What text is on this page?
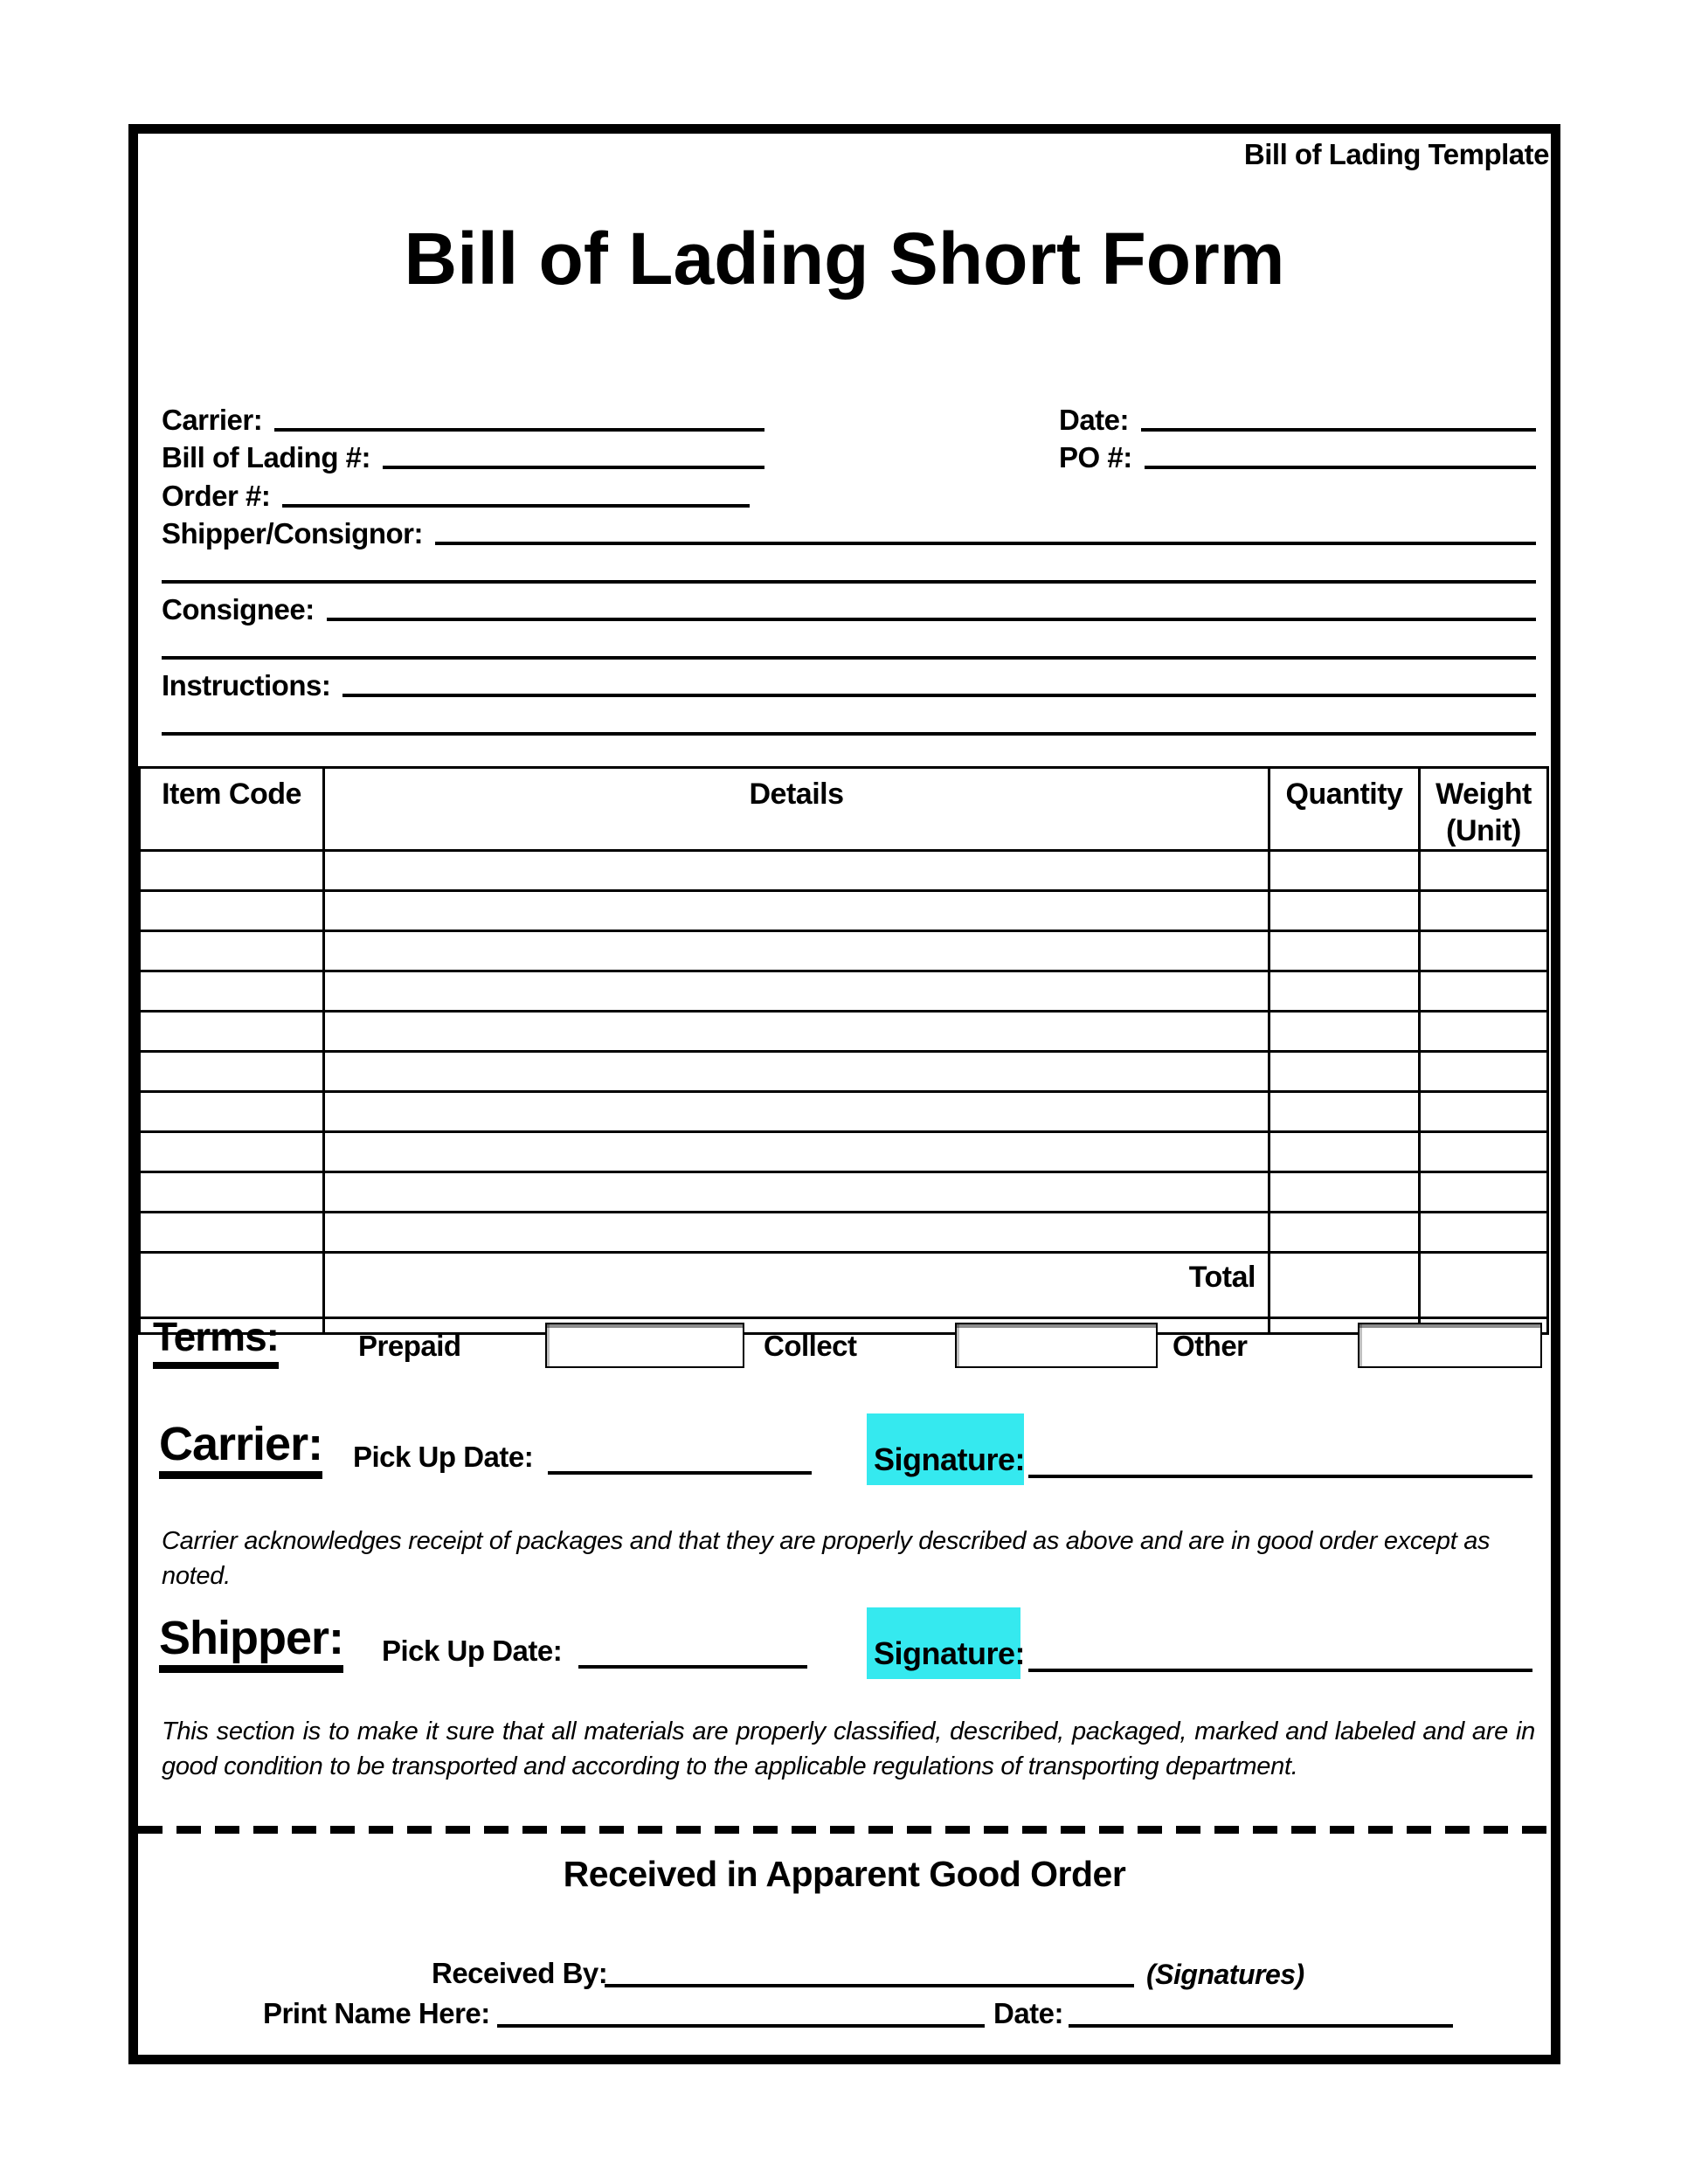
Bill of Lading Template
Bill of Lading Short Form
Carrier:	Date:
Bill of Lading #:	PO #:
Order #:
Shipper/Consignor:
Consignee:
Instructions:
Item Code	Details	Quantity	Weight
(Unit)

	Total		

Terms:	Prepaid	Collect	Other
Carrier: Pick Up Date:	Signature:
Carrier acknowledges receipt of packages and that they are properly described as above and are in good order except as noted.
Shipper: Pick Up Date:	Signature:
This section is to make it sure that all materials are properly classified, described, packaged, marked and labeled and are in good condition to be transported and according to the applicable regulations of transporting department.
Received in Apparent Good Order
Received By:	(Signatures)
Print Name Here:	Date:
